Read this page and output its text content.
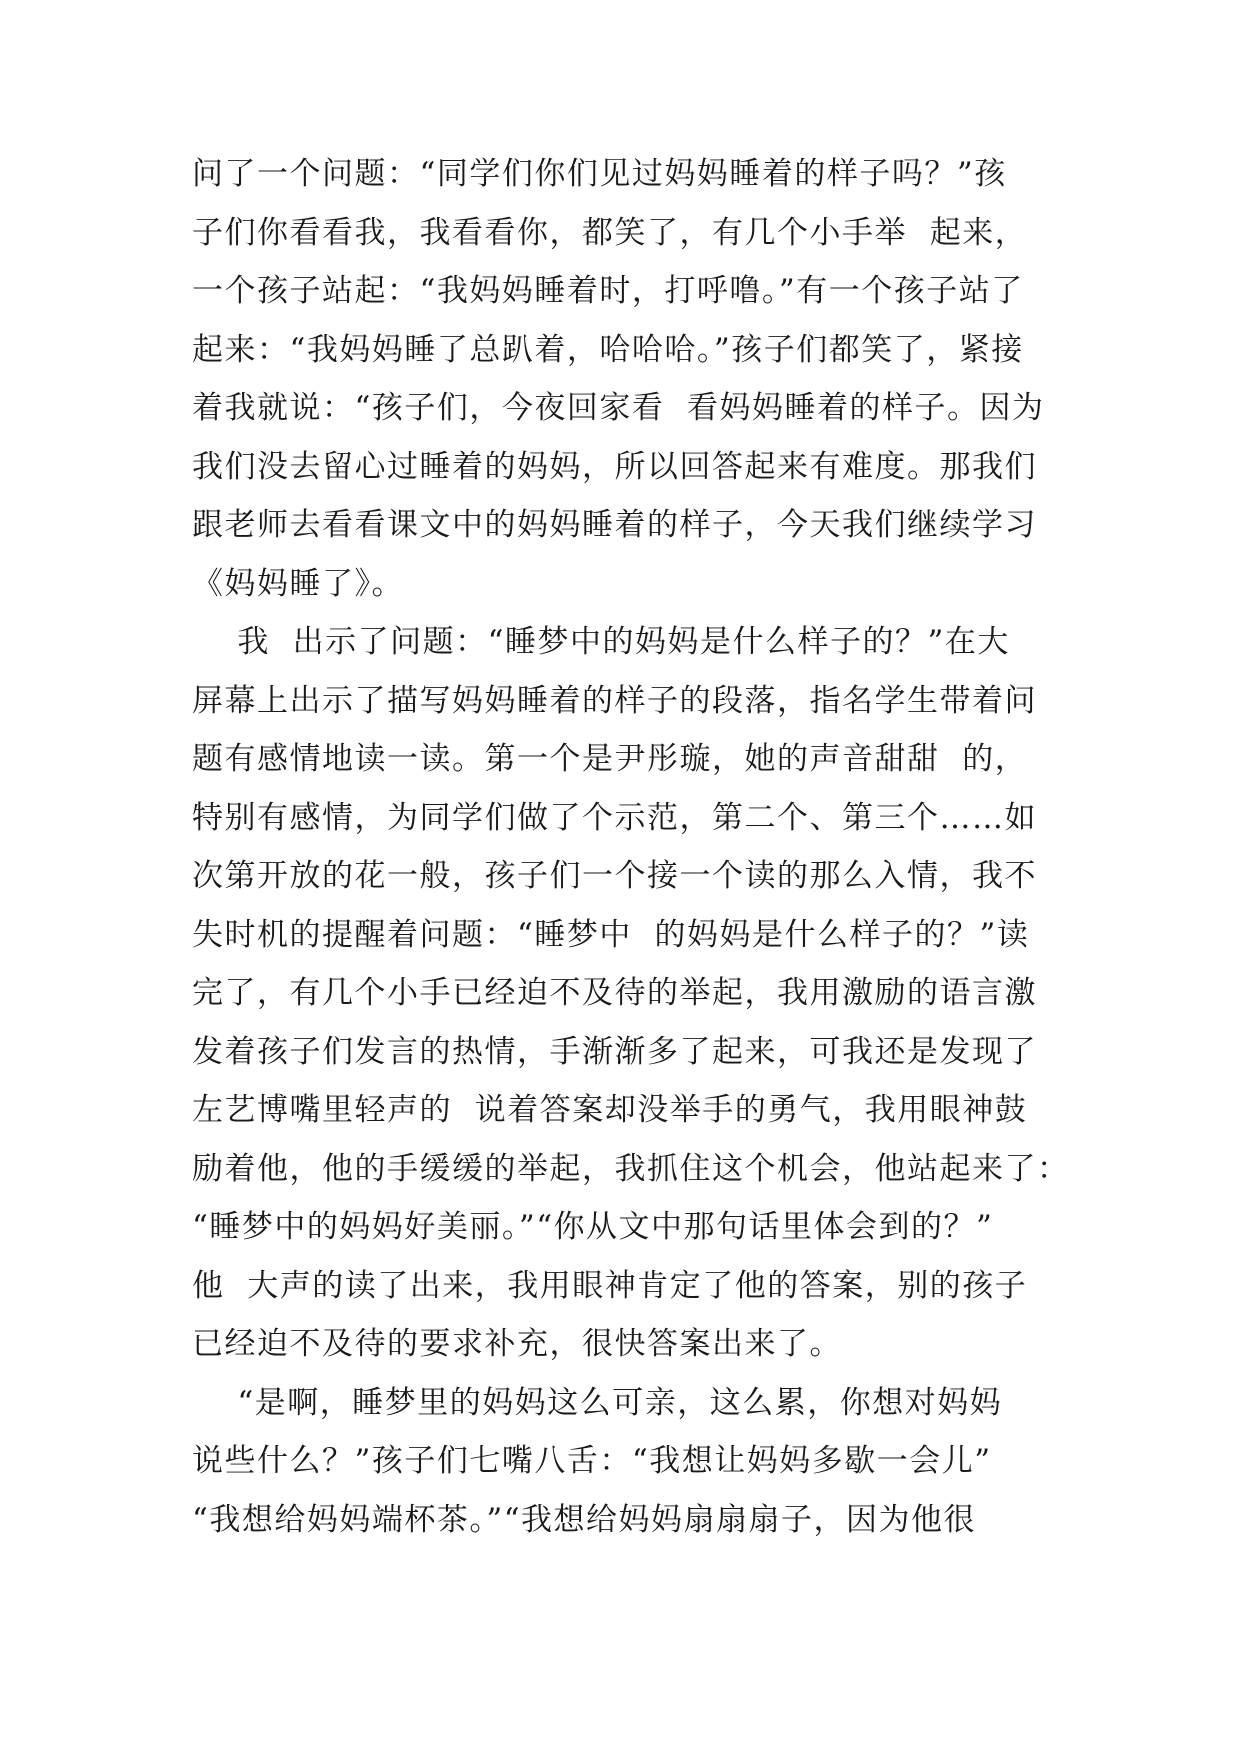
问了一个问题：“同学们你们见过妈妈睡着的样子吗？”孩
子们你看看我，我看看你，都笑了，有几个小手举  起来，
一个孩子站起：“我妈妈睡着时，打呼噜。”有一个孩子站了
起来：“我妈妈睡了总趴着，哈哈哈。”孩子们都笑了，紧接
着我就说：“孩子们，今夜回家看  看妈妈睡着的样子。因为
我们没去留心过睡着的妈妈，所以回答起来有难度。那我们
跟老师去看看课文中的妈妈睡着的样子，今天我们继续学习
《妈妈睡了》。
我  出示了问题：“睡梦中的妈妈是什么样子的？”在大
屏幕上出示了描写妈妈睡着的样子的段落，指名学生带着问
题有感情地读一读。第一个是尹彤璇，她的声音甜甜  的，
特别有感情，为同学们做了个示范，第二个、第三个……如
次第开放的花一般，孩子们一个接一个读的那么入情，我不
失时机的提醒着问题：“睡梦中  的妈妈是什么样子的？”读
完了，有几个小手已经迫不及待的举起，我用激励的语言激
发着孩子们发言的热情，手渐渐多了起来，可我还是发现了
左艺博嘴里轻声的  说着答案却没举手的勇气，我用眼神鼓
励着他，他的手缓缓的举起，我抓住这个机会，他站起来了：
“睡梦中的妈妈好美丽。”“你从文中那句话里体会到的？”
他  大声的读了出来，我用眼神肯定了他的答案，别的孩子
已经迫不及待的要求补充，很快答案出来了。
“是啊，睡梦里的妈妈这么可亲，这么累，你想对妈妈
说些什么？”孩子们七嘴八舌：“我想让妈妈多歇一会儿”
“我想给妈妈端杯茶。”“我想给妈妈扇扇扇子，因为他很
